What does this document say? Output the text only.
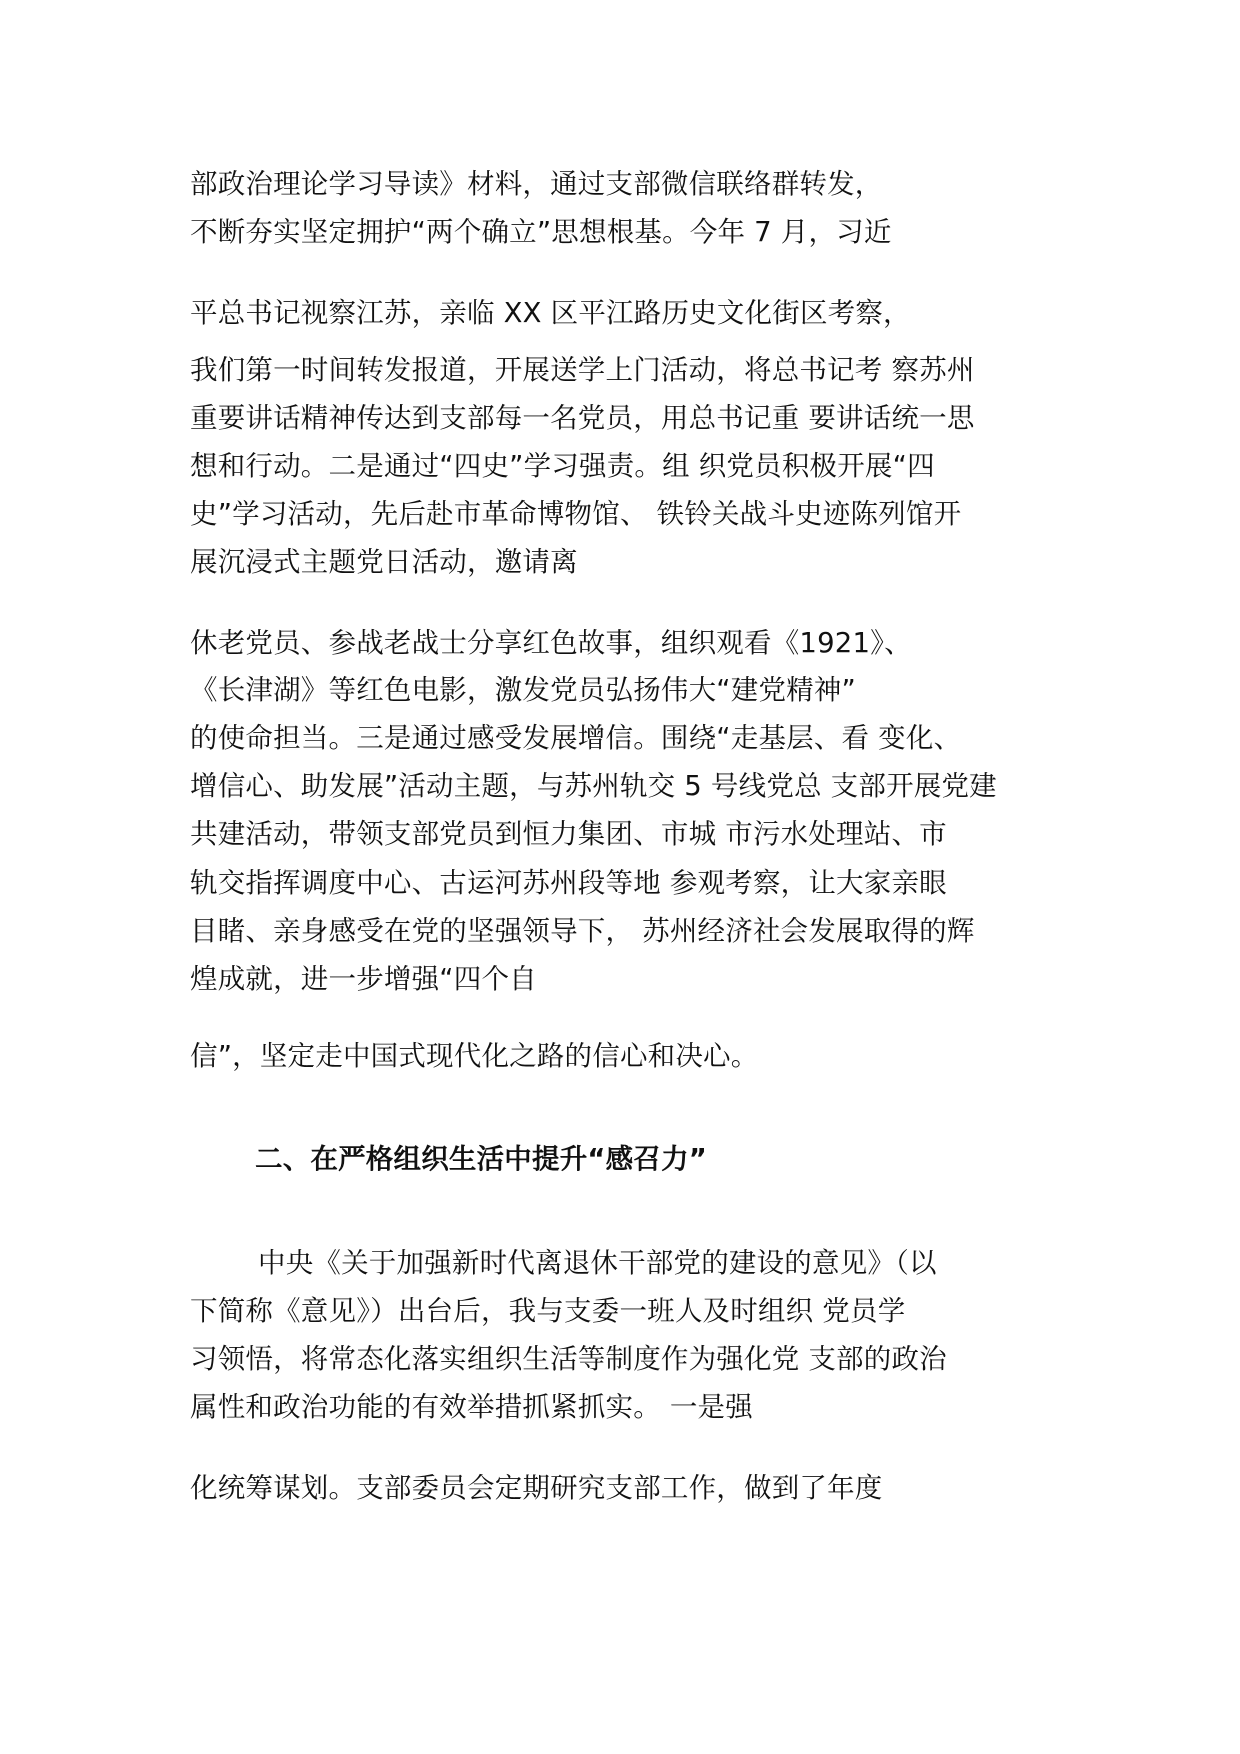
部政治理论学习导读》材料，通过支部微信联络群转发，
不断夯实坚定拥护“两个确立”思想根基。今年 7 月，习近
平总书记视察江苏，亲临 XX 区平江路历史文化街区考察，
我们第一时间转发报道，开展送学上门活动，将总书记考 察苏州
重要讲话精神传达到支部每一名党员，用总书记重 要讲话统一思
想和行动。二是通过“四史”学习强责。组 织党员积极开展“四
史”学习活动，先后赴市革命博物馆、 铁铃关战斗史迹陈列馆开
展沉浸式主题党日活动，邀请离
休老党员、参战老战士分享红色故事，组织观看《1921》、
《长津湖》等红色电影，激发党员弘扬伟大“建党精神”
的使命担当。三是通过感受发展增信。围绕“走基层、看 变化、
增信心、助发展”活动主题，与苏州轨交 5 号线党总 支部开展党建
共建活动，带领支部党员到恒力集团、市城 市污水处理站、市
轨交指挥调度中心、古运河苏州段等地 参观考察，让大家亲眼
目睹、亲身感受在党的坚强领导下， 苏州经济社会发展取得的辉
煌成就，进一步增强“四个自
信”，坚定走中国式现代化之路的信心和决心。
二、在严格组织生活中提升“感召力”
中央《关于加强新时代离退休干部党的建设的意见》（以
下简称《意见》）出台后，我与支委一班人及时组织 党员学
习领悟，将常态化落实组织生活等制度作为强化党 支部的政治
属性和政治功能的有效举措抓紧抓实。 一是强
化统筹谋划。支部委员会定期研究支部工作，做到了年度
